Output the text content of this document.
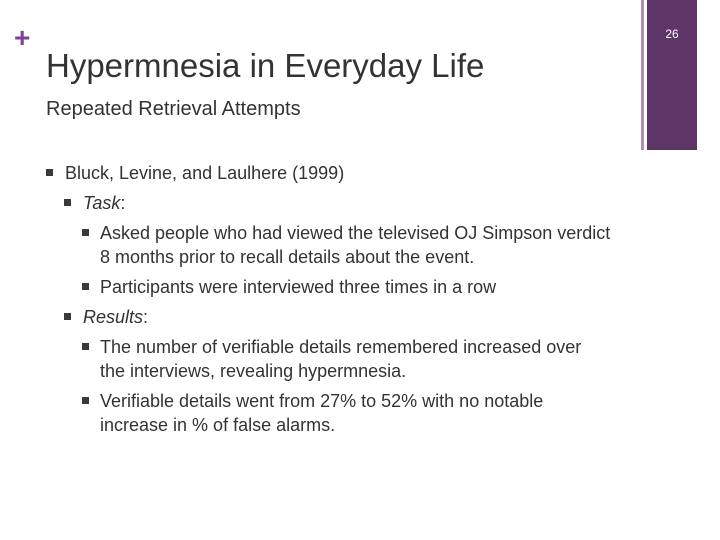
+
Hypermnesia in Everyday Life
Repeated Retrieval Attempts
26
Bluck, Levine, and Laulhere (1999)
Task:
Asked people who had viewed the televised OJ Simpson verdict 8 months prior to recall details about the event.
Participants were interviewed three times in a row
Results:
The number of verifiable details remembered increased over the interviews, revealing hypermnesia.
Verifiable details went from 27% to 52% with no notable increase in % of false alarms.
